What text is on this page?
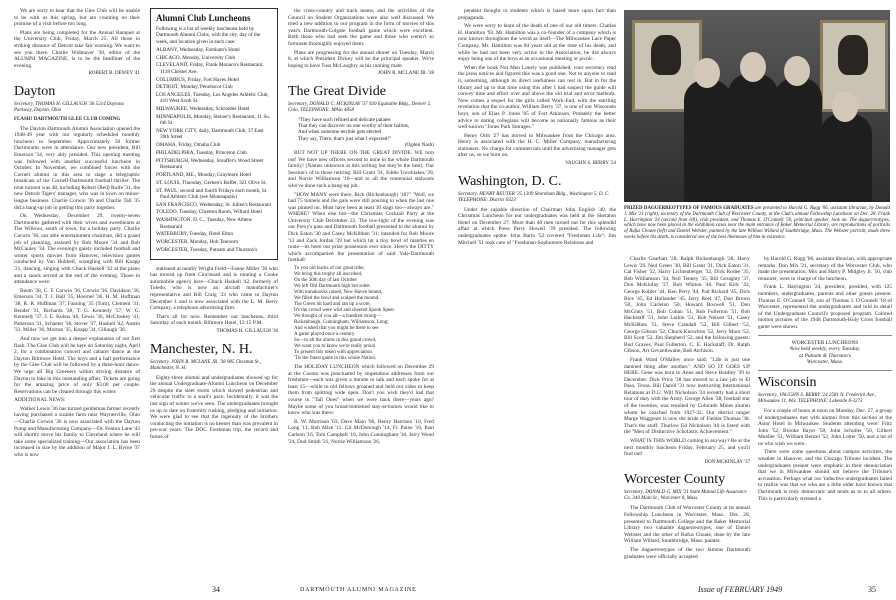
We are sorry to hear that the Glee Club will be unable to be with us this spring, but are counting on their promise of a visit before too long.

Plans are being completed for the Annual Banquet at the University Club, Friday, March 25. All those in striking distance of Detroit take fair warning. We want to see you there. Charlie Widmayer '30, editor of the ALUMNI MAGAZINE, is to be the headliner of the evening.

ROBERT B. DEWEY '41
Dayton
Secretary, THOMAS H. GILLAUGH '36 5214 Daytona Parkway, Dayton, Ohio

FLASH! DARTMOUTH GLEE CLUB COMING

The Dayton Dartmouth Alumni Association opened the 1948-49 year with our regularly scheduled monthly luncheon in September. Approximately 50 former Dartmouths were in attendance. Our new president, Bill Emerson '34, very ably presided. This opening meeting was followed with another successful luncheon in October. In November, we combined forces with the Cornell alumni in this area to stage a telegraphic broadcast of the Cornell-Dartmouth football thriller. The total turnout was 48, including Robert (Red) Rolfe '31, the new Detroit Tigers' manager, who was in town on minor-league business. Charlie Corwin '36 and Charlie Tall '35 did a bang-up job in getting this party together.

On Wednesday, December 29, twenty-seven Dartmouths gathered with their wives and sweethearts at The Willows, south of town, for a holiday party. Charlie Corwin '36, our able entertainment chairman, did a grand job of planning, assisted by Bob Moore '34 and Bob McCauley '34. The evening's gaiety included football and winter sports movies from Hanover, television games conducted by Van Hubbell, wrangling with Bill Knapp '21, dancing, singing with Chuck Haskell '42 at the piano and a snack served at the end of the evening. Those in attendance were:

Beum '38, C. F. Corwin '36, Corwin '36, Davidson '36, Emerson '34, T. J. Hall '35, Hoerner '36, H. M. Huffman '38, R. R. Huffman '37, Fanning '35 (Tom), Clement '31, Bender '31, Richards '38, T. G. Kennedy '37, W. G. Kennedy '37, J. E. Kuhns '40, Lewis '36, McCloskey '41, Patterson '31, Schaeter '38, Stover '37, Haskell '42, Austin '33, Miller '36, Morton '35, Knapp '34, Gillaugh '36.

And now we get into a deeper explanation of our first flash. The Glee Club will be here on Saturday night, April 2, for a combination concert and cabaret dance at the Dayton Biltmore Hotel. The boys and a hall performance by the Glee Club will be followed by a three-hour dance. We urge all Big Greeners within driving distance of Dayton to take in this outstanding affair. Tickets are going for the amazing price of only $3.00 per couple. Reservations can be cleared through this writer.

ADDITIONAL NEWS:

Walker Lewis '36 has turned gentleman farmer recently having purchased a sizable farm near Waynesville, Ohio—Charlie Corwin '36 is now associated with the Dayton Pump and Manufacturing Company—Dr. Fenton Lane '43 will shortly move his family to Cleveland where he will take some specialized training—Our association has been increased in size by the addition of Major J. L. Byrne '37 who is now

Alumni Club Luncheons
Following is a list of weekly luncheons held by Dartmouth Alumni Clubs, with the city, day of the week, and location given in each case:
ALBANY, Wednesday, Farnham's Hotel
CHICAGO, Monday, University Club
CLEVELAND, Friday, Frank Monaco's Restaurant, 1118 Chester Ave.
COLUMBUS, Friday, Fort Hayes Hotel
DETROIT, Monday, Penobscot Club
LOS ANGELES, Tuesday, Los Angeles Athletic Club, 416 West Sixth St.
MILWAUKEE, Wednesday, Schroeder Hotel
MINNEAPOLIS, Monday, Steiner's Restaurant, 11 So. 6th St.
NEW YORK CITY, daily, Dartmouth Club, 37 East 39th Street
OMAHA, Friday, Omaha Club
PHILADELPHIA, Tuesday, Princeton Club
PITTSBURGH, Wednesday, Stouffer's Wood Street Restaurant
PORTLAND, ME., Monday, Graymore Hotel
ST. LOUIS, Thursday, Gerken's Buffet, 321 Olive St.
ST. PAUL, second and fourth Fridays each month, St. Paul Athletic Club (see Minneapolis)
SAN FRANCISCO, Wednesday, St. Julien's Restaurant
TOLEDO, Tuesday, Chretton Room, Willard Hotel
WASHINGTON, D. C., Tuesday, New Athens Restaurant
WATERBURY, Tuesday, Hotel Elton
WORCESTER, Monday, Hob Tearoom
WORCESTER, Tuesday, Putnam and Thurston's

stationed at nearby Wright Field—Fanne Miller '36 who has moved up from Cincinnati and is running a Cooke automobile agency here—Chuck Haskell '42, formerly of Toledo, who is now an aircraft manufacturer's representative and Bill Craig '33 who came to Dayton December 1 and is now associated with the L. M. Berry Company, a telephone advertising firm.

That's all for now. Remember our luncheons, third Saturday of each month, Biltmore Hotel, 12:15 P.M.

THOMAS H. GILLAUGH '36
Manchester, N. H.
Secretary, JOHN R. MCLANE JR. '38 985 Chestnut St., Manchester, N. H.

Eighty-three alumni and undergraduates showed up for the annual Undergraduate-Alumni Luncheon on December 29 despite the sleet storm which slowed pedestrian and vehicular traffic to a snail's pace. Incidentally, it was the last sign of winter we've seen. The undergraduates brought us up to date on fraternity rushing, pledging and initiation. We were glad to see that the ingenuity of the brothers conducting the initiation is no keener than was prevalent in pre-war years. The DOC Freshman trip, the record and future of

the cross-country and track teams, and the activities of the Council on Student Organizations were also well discussed. We tried a new addition to our program in the form of movies of this year's Dartmouth-Colgate football game which were excellent. Both those who had seen the game and those who weren't so fortunate thoroughly enjoyed them.

Plans are progressing for the annual dinner on Tuesday, March 8, at which President Dickey will be the principal speaker. We're hoping to have Tuss McLaughry as his running mate.

JOHN R. MCLANE JR. '38
The Great Divide
Secretary, DONALD C. MCKINLAY '37 920 Equitable Bldg., Denver 2, Colo. TELEPHONE: MAin 4858
"They have such refined and delicate palates
That they can discover no one worthy of their ballots,
And when someone terrible gets elected
They say, There, that's just what I expected!"
(Ogden Nash)

BUT NOT UP THERE ON THE GREAT DIVIDE. WE turn out! We have new officers second to none in the whole Dartmouth family! (Names unknown at this writing but they're the best). Our Session's of to those retiring: Bill Grant '31, Eddie Tocohlakes '39, and Norrie Williamson '16—and to all the centennial stalwarts who've done such a bang-up job.

"HOW MANY were there, Rick (Rickenbaugh) '18?" "Well, we had 75 tunnels and the gals were still pouring in when the last one was pinned on. Must have been at least 10 stags too—always are." WHERE? When else but—the Christmas Cocktail Party at the University Club December 22. The low-light of the evening was our Prexy's pass and Dartmouth football presented to the alumni by Dick Eaton '30 and Casey McKibben '31; intended for Bob Moore '13 and Zack Jordan '39 but which hit a tiny bowl of mantles en route—its been our prize possession ever since. Here's the DITTY which accompanied the presentation of said Yale-Dartmouth football:

To you old bucks of our great tribe,
We bring this trophy all inscribed,
On the 30th day of last October
We left Old Dartmouth high but sober.
With tomahawks raised, New Haven bound,
We filled the bowl and scalped the mound.
The Green hit hard and ran up a score,
It's the crowd were wild and cheered Spook Speer.
We thought of you all—a hundred strong—
Rickenbaugh, Cunningham, Williamson, Long;
And wished that you might be there to see
A game played once a century.
So—to all the alums in this grand crowd,
We want you to know we're really proud
To present this token with appreciation
'Tis the finest game in this whole Nation.

The HOLIDAY LUNCHEON which followed on December 29 at the Cosmo was punctuated by stupendous addresses from our freshmen—each was given a minute to talk and each spoke for at least 15—while to old fellows groaned and held our sides to keep them from splitting wide open. Don't you wish they'd had that course in "Tall Ones" when we were back there—years ago? Maybe some of you broad-bottomed stay-at-homes would like to know who was there:

B. W. Morrison '03, Dave Main '06, Henry Harrison '10, Fred Long '11, Bob Mize '11, Gil McDonough '14, Fr. Paine '16, Paul Carlson '16, Tom Campbell '16, John Cunningham '18, Jerry Wood '24, Dud Smith '31, Norrie Williamson '26,

34	DARTMOUTH ALUMNI MAGAZINE
PRIZED DAGUERREOTYPES OF FAMOUS GRADUATES are presented to Harold G. Rugg '06, assistant librarian, by Donald J. Mix '21 (right), secretary of the Dartmouth Club of Worcester County, at the Club's annual Fellowship Luncheon on Dec. 28. Frank L. Harrington '24 (second from left), club president, and Thomas E. O'Connell '50, principal speaker, look on. The daguerreotypes, which have now been placed in the exhibition cases near the main entrance of Baker Memorial Library, are reproductions of portraits of Rufus Choate (left) and Daniel Webster, painted by the late William Willard of Southbridge, Mass. The Webster portrait, made three weeks before his death, is considered one of the best likenesses of him in existence.

Charlie Gearhart '28, Ralph Rickenbaugh '28, Harry Lewis '29, Ned Green '30, Bill Grant '31, Dick Eaton '31, Cal Fisher '32, Harry Lichtenberger '32, Dick Rodee '35, Bob Williamson '34, Neil Tenney '35, Bill Geraghty '37, Don McKinlay '37, Bob Whiton '40, Paul Kirk '42, George Kobler '44, Ken Perry '44, Pad Richard '45, Dick Rice '45, Ed Hollander '45, Jerry Reel '47, Don Brown '50, John Carleton '50, Howard Boswell '51, Don McGinty '51, Bob Cohan '51, Bob Fullerton '51, Bob Hackstaff '51, John Larkin '51, Bob Nelson '51, Casey McKibben '51, Steve Crandall '52, Bill Gilbert '52, George Gibson '52, Chuck Knowlton '52, Jerry Moor '52, Bill Scott '52, Jim Shepherd '52, and the following guests: Bud Graves, Paul Fullerton, C. E. Hackstaff, Dr. Ralph Gibson, Art Gevanthwaite, Bob Atchison.

Frank Ward O'Malley once said: "Life is just one damned thing after another." AND SO IT GOES UP HERE. Gene was born to Anne and Steve Bradley '39 in December. Dick Price '38 has moved to a law job in El Paso, Texas. Bill Darell '31 now instructing International Relations at D.U. Will Nicholson '34 recently had a short tour of duty with the Army. George Allen '38, football star of the twenties, was reunited by Colorado Mines alumni whom he coached from 1927-32. Our district ranger Marge Waggener is now the bride of Fielder Thomas '38. That's the stuff. Thurlow Ed Nicholson '40 is listed with the "Men of Distinctive Scholastic Achievement."

WHAT IS THIS WORLD coming to anyway? Be at the next monthly luncheon Friday, February 25, and you'll find out!

DON MCKINLAY '37
Worcester County
Secretary, DONALD G. MIX '21 State Mutual Life Assurance Co. 340 Main St., Worcester 8, Mass.

The Dartmouth Club of Worcester County at its annual Fellowship Luncheon in Worcester, Mass., Dec. 28, presented to Dartmouth College and the Baker Memorial Library two valuable daguerreotypes, one of Daniel Webster and the other of Rufus Choate, done by the late William Willard, Southbridge, Mass. painter.

The daguerreotypes of the two famous Dartmouth graduates were officially accepted

by Harold G. Rugg '06, assistant librarian, with appropriate remarks. Don Mix '21, secretary of the Worcester Club, who made the presentation, Mix and Harry P. Midgley Jr. '50, club treasurer, were in charge of the luncheon.

Frank L. Harrington '24, president, presided, with 125 members, undergraduates, parents and other guests present. Thomas E. O'Connell '50, son of Thomas J. O'Connell '18 of Worcester, represented the undergraduates and told in detail of the Undergraduate Council's proposed program. Colored motion pictures of the 1948 Dartmouth-Holy Cross football game were shown.

WORCESTER LUNCHEONS
Now held weekly, every Tuesday,
at Putnam & Thurston's
Worcester, Mass.
Wisconsin
Secretary, VAUGHN S. BERRY '24 2581 N. Frederick Ave., Milwaukee 11, Wis. TELEPHONE: Lakeside 8-3273

For a couple of hours at noon on Monday, Dec. 27, a group of undergraduates met with alumni from this section at the Astor Hotel in Milwaukee. Students attending were: Fritz John '52, Brooke Bayer '50, John Schuller '50, Gilbert Mueller '51, William Benzel '52, John Lotter '50, and a lot of us who wish we were.

There were some questions about campus activities, the weather in Hanover, and the Chicago Tribune incident. The undergraduates present were emphatic in their denunciation that we in Milwaukee should not believe the Tribune's accusation. Perhaps what our 'inductive undergraduates failed to realize was that we who are a little older have known that Dartmouth is truly democratic and tends as to to all others. This is particularly stressed a

pendent thought to students which is based more upon fact than propaganda.

We were sorry to learn of the death of one of our old timers. Charles H. Hamilton '93. Mr. Hamilton was a co-founder of a company which is now known throughout the world as itself—The Milwaukee Lace Paper Company. Mr. Hamilton was 84 years old at the time of his death, and while he had not been very active in the Association, he did always enjoy being one of the boys at an occasional meeting or picnic.

When the book Not Men Lonely was published, your secretary read the press notices and figured this was a good one. Not to anyone to read it, something, although its direct usefulness can rest in. But in for the library and up to that time using this after I had suspect the guide will convey time and effort over and above the old trial and error methods. Now comes a sequel for the girls called Work-End, with the startling revelation that the co-author, William Berry '37, is one of our Wisconsin boys, son of Elias P. Jones '05 of Fort Atkinson. Probably the better advice to dating collegians will become as nationally famous as their well-known "Jones Park Storages."

Henry Orth '27 has moved to Milwaukee from the Chicago area. Henry is associated with the H. C. Miller Company, manufacturing stationers. No charge for commercials until the advertising manager gets after us, so we burn on.

VAUGHN S. BERRY '24
Washington, D. C.
Secretary, HENRY REUTER '35 1309 Shoreham Bldg., Washington 5, D. C. TELEPHONE: District 0323

Under the capable direction of Chairman John English '40, the Christmas Luncheon for our undergraduates was held at the Sheraton Hotel on December 27. More than 40 men turned out for this splendid affair at which Press Perry Howell '39 presided. The following undergraduates spoke: John Barto '52 covered "Freshman Life"; Jim Mitchell '51 took care of "Freshman-Sophomore Relations and

Issue of FEBRUARY 1949	35
